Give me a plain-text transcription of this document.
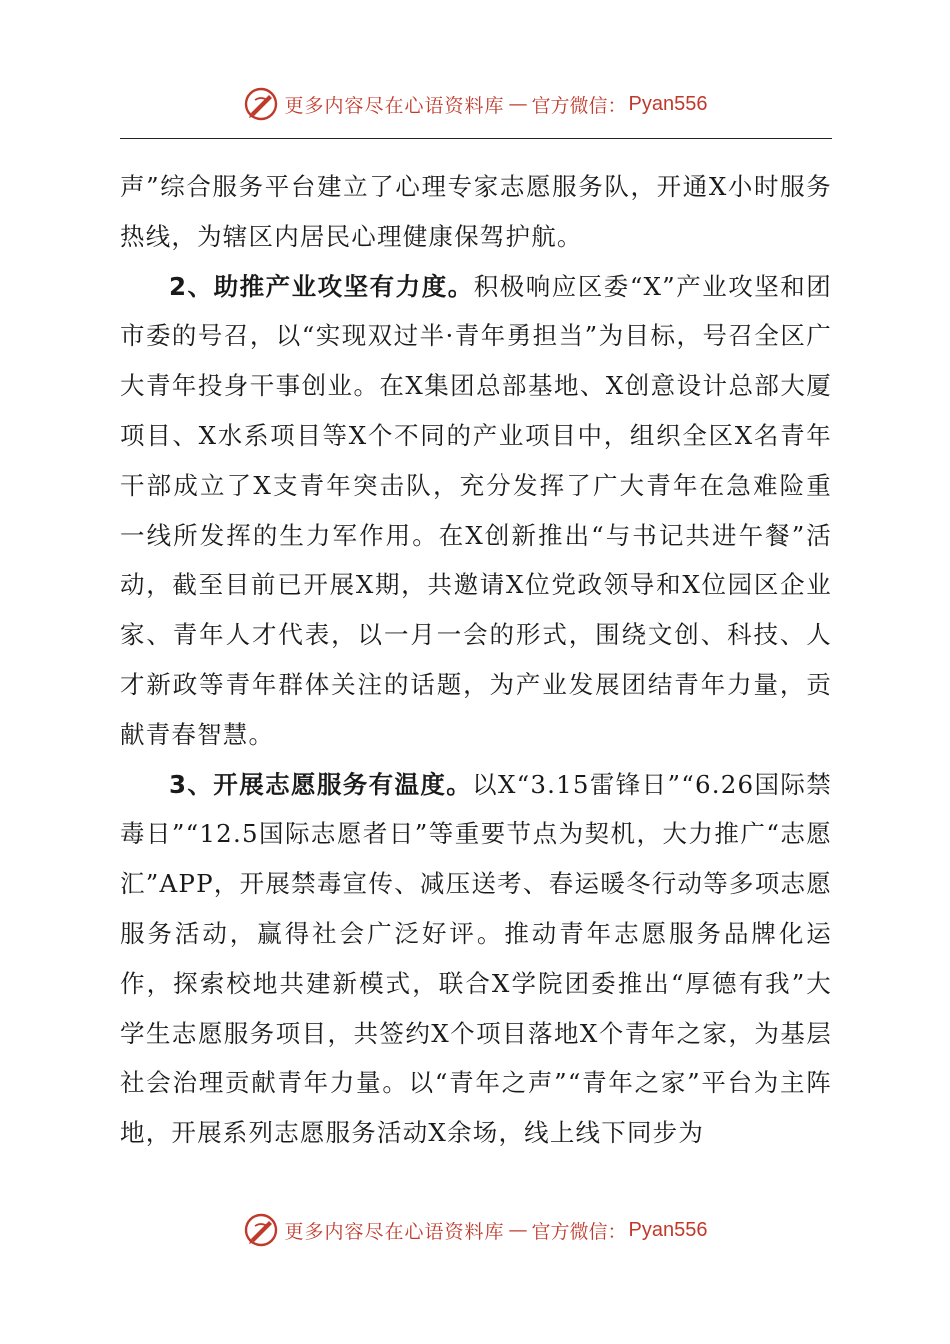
更多内容尽在心语资料库 — 官方微信： Pyan556

声”综合服务平台建立了心理专家志愿服务队，开通X小时服务热线，为辖区内居民心理健康保驾护航。

2、助推产业攻坚有力度。积极响应区委“X”产业攻坚和团市委的号召，以“实现双过半·青年勇担当”为目标，号召全区广大青年投身干事创业。在X集团总部基地、X创意设计总部大厦项目、X水系项目等X个不同的产业项目中，组织全区X名青年干部成立了X支青年突击队，充分发挥了广大青年在急难险重一线所发挥的生力军作用。在X创新推出“与书记共进午餐”活动，截至目前已开展X期，共邀请X位党政领导和X位园区企业家、青年人才代表，以一月一会的形式，围绕文创、科技、人才新政等青年群体关注的话题，为产业发展团结青年力量，贡献青春智慧。

3、开展志愿服务有温度。以X“3.15雷锋日”“6.26国际禁毒日”“12.5国际志愿者日”等重要节点为契机，大力推广“志愿汇”APP，开展禁毒宣传、减压送考、春运暖冬行动等多项志愿服务活动，赢得社会广泛好评。推动青年志愿服务品牌化运作，探索校地共建新模式，联合X学院团委推出“厚德有我”大学生志愿服务项目，共签约X个项目落地X个青年之家，为基层社会治理贡献青年力量。以“青年之声”“青年之家”平台为主阵地，开展系列志愿服务活动X余场，线上线下同步为

更多内容尽在心语资料库 — 官方微信： Pyan556
